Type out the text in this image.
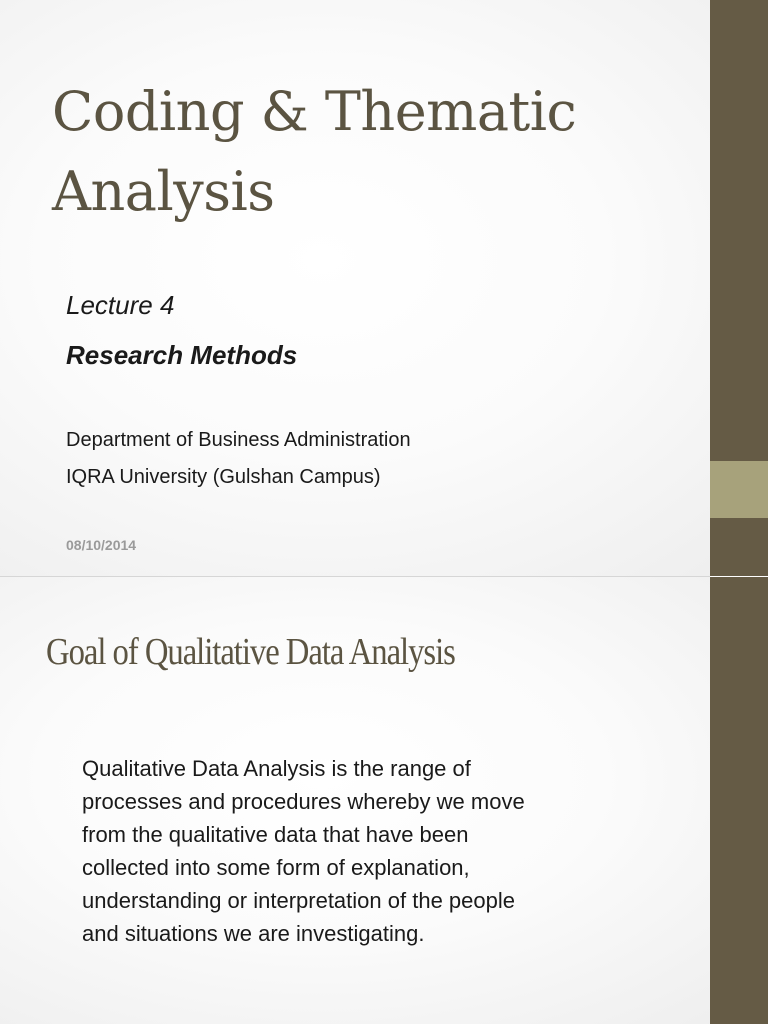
Coding & Thematic
Analysis

Lecture 4

Research Methods

Department of Business Administration

IQRA University (Gulshan Campus)

08/10/2014

Goal of Qualitative Data Analysis

Qualitative Data Analysis is the range of
processes and procedures whereby we move
from the qualitative data that have been
collected into some form of explanation,
understanding or interpretation of the people
and situations we are investigating.
